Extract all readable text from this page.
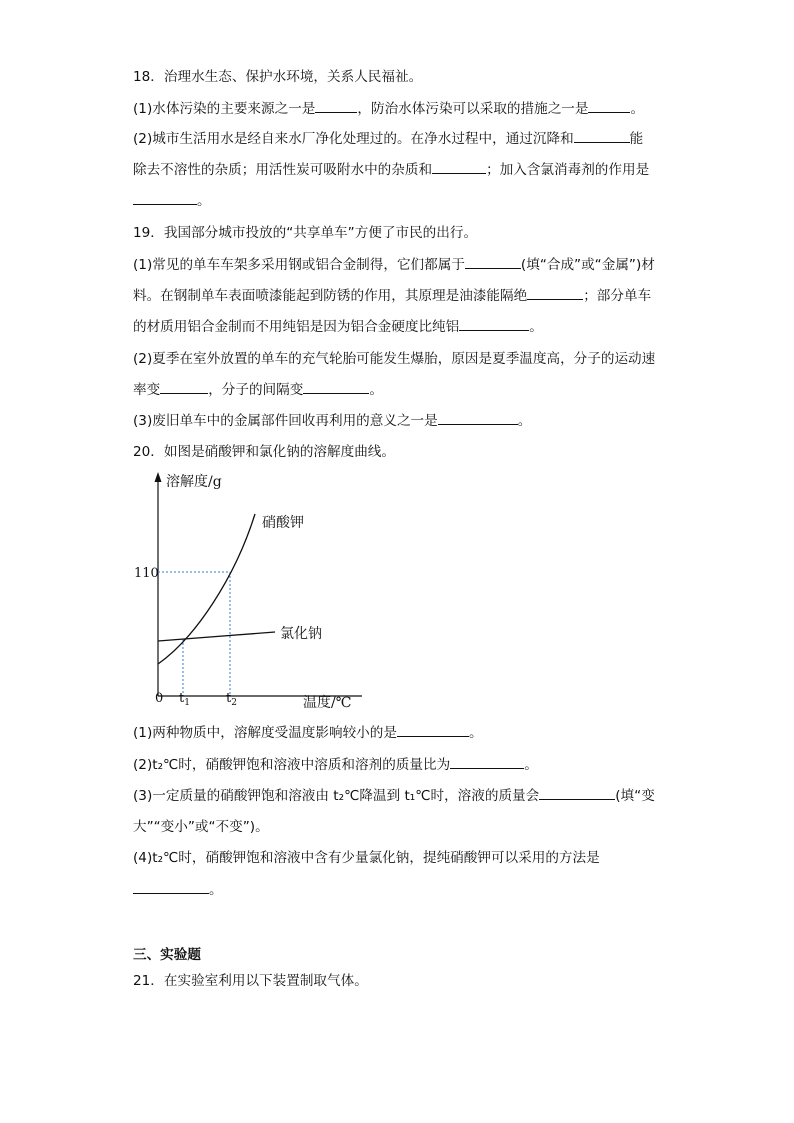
18．治理水生态、保护水环境，关系人民福祉。
(1)水体污染的主要来源之一是	，防治水体污染可以采取的措施之一是	。
(2)城市生活用水是经自来水厂净化处理过的。在净水过程中，通过沉降和	能
除去不溶性的杂质；用活性炭可吸附水中的杂质和	；加入含氯消毒剂的作用是
。
19．我国部分城市投放的“共享单车”方便了市民的出行。
(1)常见的单车车架多采用钢或铝合金制得，它们都属于	(填“合成”或“金属”)材
料。在钢制单车表面喷漆能起到防锈的作用，其原理是油漆能隔绝	；部分单车
的材质用铝合金制而不用纯铝是因为铝合金硬度比纯铝	。
(2)夏季在室外放置的单车的充气轮胎可能发生爆胎，原因是夏季温度高，分子的运动速
率变	，分子的间隔变	。
(3)废旧单车中的金属部件回收再利用的意义之一是	。
20．如图是硝酸钾和氯化钠的溶解度曲线。
溶解度/g
温度/℃
0
110
$t_1$	$t_2$
硝酸钾
氯化钠
(1)两种物质中，溶解度受温度影响较小的是	。
(2)t₂℃时，硝酸钾饱和溶液中溶质和溶剂的质量比为	。
(3)一定质量的硝酸钾饱和溶液由 t₂℃降温到 t₁℃时，溶液的质量会	(填“变
大”“变小”或“不变”)。
(4)t₂℃时，硝酸钾饱和溶液中含有少量氯化钠，提纯硝酸钾可以采用的方法是
。
三、实验题
21．在实验室利用以下装置制取气体。
